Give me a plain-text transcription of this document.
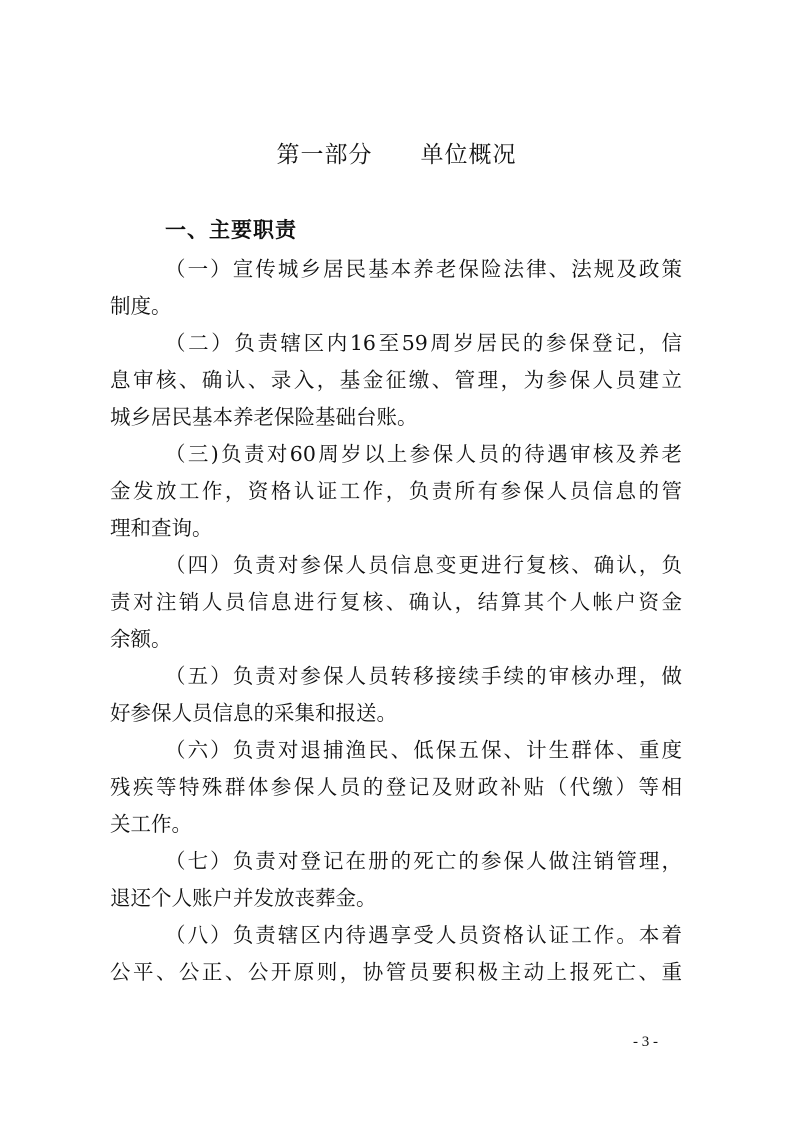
第一部分　　单位概况
一、主要职责
（一）宣传城乡居民基本养老保险法律、法规及政策
制度。
（二）负责辖区内16至59周岁居民的参保登记，信
息审核、确认、录入，基金征缴、管理，为参保人员建立
城乡居民基本养老保险基础台账。
（三)负责对60周岁以上参保人员的待遇审核及养老
金发放工作，资格认证工作，负责所有参保人员信息的管
理和查询。
（四）负责对参保人员信息变更进行复核、确认，负
责对注销人员信息进行复核、确认，结算其个人帐户资金
余额。
（五）负责对参保人员转移接续手续的审核办理，做
好参保人员信息的采集和报送。
（六）负责对退捕渔民、低保五保、计生群体、重度
残疾等特殊群体参保人员的登记及财政补贴（代缴）等相
关工作。
（七）负责对登记在册的死亡的参保人做注销管理，
退还个人账户并发放丧葬金。
（八）负责辖区内待遇享受人员资格认证工作。本着
公平、公正、公开原则，协管员要积极主动上报死亡、重
- 3 -
